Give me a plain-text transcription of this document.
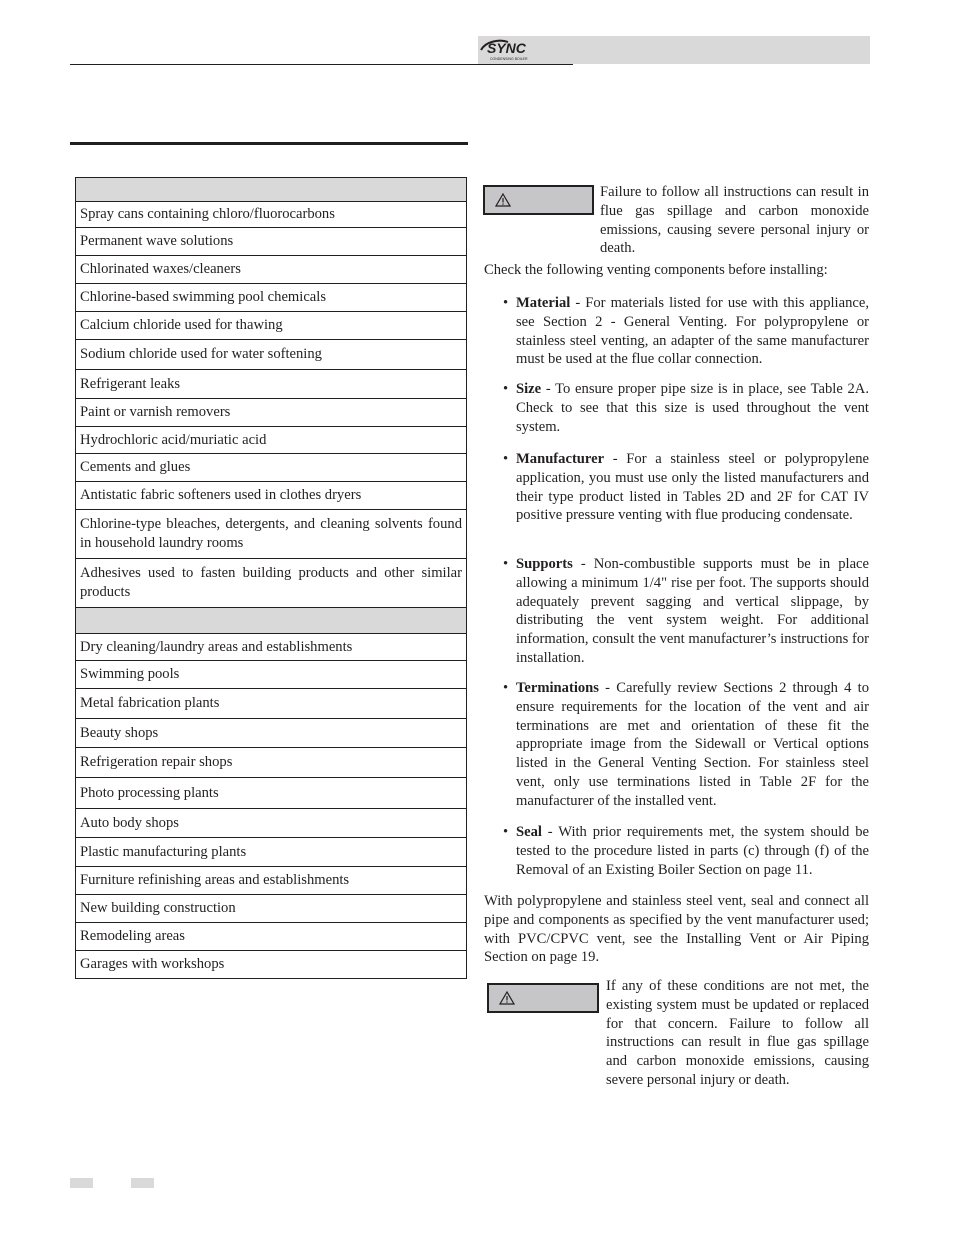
SYNC
CONDENSING BOILER

Spray cans containing chloro/fluorocarbons
Permanent wave solutions
Chlorinated waxes/cleaners
Chlorine-based swimming pool chemicals
Calcium chloride used for thawing
Sodium chloride used for water softening
Refrigerant leaks
Paint or varnish removers
Hydrochloric acid/muriatic acid
Cements and glues
Antistatic fabric softeners used in clothes dryers
Chlorine-type bleaches, detergents, and cleaning solvents found in household laundry rooms
Adhesives used to fasten building products and other similar products

Dry cleaning/laundry areas and establishments
Swimming pools
Metal fabrication plants
Beauty shops
Refrigeration repair shops
Photo processing plants
Auto body shops
Plastic manufacturing plants
Furniture refinishing areas and establishments
New building construction
Remodeling areas
Garages with workshops

Failure to follow all instructions can result in flue gas spillage and carbon monoxide emissions, causing severe personal injury or death.

Check the following venting components before installing:

• Material - For materials listed for use with this appliance, see Section 2 - General Venting. For polypropylene or stainless steel venting, an adapter of the same manufacturer must be used at the flue collar connection.

• Size - To ensure proper pipe size is in place, see Table 2A. Check to see that this size is used throughout the vent system.

• Manufacturer - For a stainless steel or polypropylene application, you must use only the listed manufacturers and their type product listed in Tables 2D and 2F for CAT IV positive pressure venting with flue producing condensate.

• Supports - Non-combustible supports must be in place allowing a minimum 1/4" rise per foot. The supports should adequately prevent sagging and vertical slippage, by distributing the vent system weight. For additional information, consult the vent manufacturer’s instructions for installation.

• Terminations - Carefully review Sections 2 through 4 to ensure requirements for the location of the vent and air terminations are met and orientation of these fit the appropriate image from the Sidewall or Vertical options listed in the General Venting Section. For stainless steel vent, only use terminations listed in Table 2F for the manufacturer of the installed vent.

• Seal - With prior requirements met, the system should be tested to the procedure listed in parts (c) through (f) of the Removal of an Existing Boiler Section on page 11.

With polypropylene and stainless steel vent, seal and connect all pipe and components as specified by the vent manufacturer used; with PVC/CPVC vent, see the Installing Vent or Air Piping Section on page 19.

If any of these conditions are not met, the existing system must be updated or replaced for that concern. Failure to follow all instructions can result in flue gas spillage and carbon monoxide emissions, causing severe personal injury or death.
